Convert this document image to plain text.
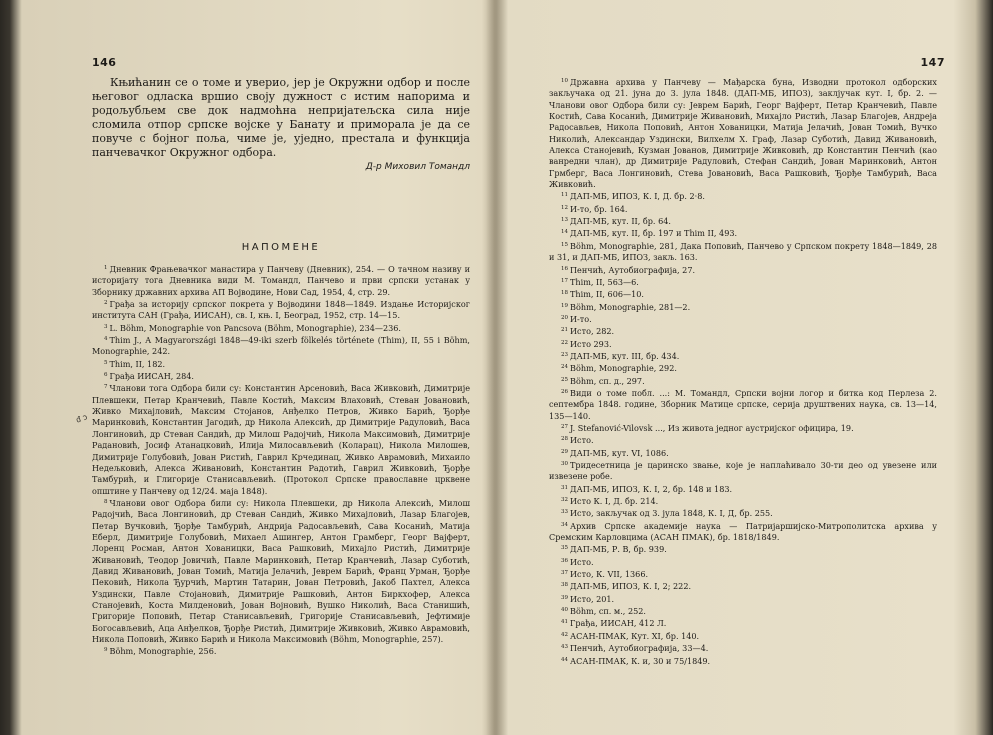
146

Књићанин се о томе и уверио, јер је Окружни одбор и после његовог одласка вршио своју дужност с истим напорима и родољубљем све док надмоћна непријатељска сила није сломила отпор српске војске у Банату и приморала је да се повуче с бојног поља, чиме је, уједно, престала и функција панчевачког Окружног одбора.

Д-р Миховил Томандл

НАПОМЕНЕ

$^1$ Дневник Фрањевачког манастира у Панчеву (Дневник), 254. — О тачном називу и историјату тога Дневника види М. Томандл, Панчево и први српски устанак у Зборнику државних архива АП Војводине, Нови Сад, 1954, 4, стр. 29.

$^2$ Грађа за историју српског покрета у Војводини 1848—1849. Издање Историјског института САН (Грађа, ИИСАН), св. I, књ. I, Београд, 1952, стр. 14—15.

$^3$ L. Böhm, Monographie von Pancsova (Böhm, Monographie), 234—236.

$^4$ Thim J., A Magyarországi 1848—49-iki szerb fölkelés története (Thim), II, 55 i Böhm, Monographie, 242.

$^5$ Thim, II, 182.

$^6$ Грађа ИИСАН, 284.

$^7$ Чланови тога Одбора били су: Константин Арсеновић, Васа Живковић, Димитрије Плевшеки, Петар Кранчевић, Павле Костић, Максим Влаховић, Стеван Јовановић, Живко Михајловић, Максим Стојанов, Анђелко Петров, Живко Барић, Ђорђе Маринковић, Константин Јагодић, др Никола Алексић, др Димитрије Радуловић, Васа Лонгиновић, др Стеван Сандић, др Милош Радојчић, Никола Максимовић, Димитрије Радановић, Јосиф Атанацковић, Илија Милосављевић (Коларац), Никола Милошев, Димитрије Голубовић, Јован Ристић, Гаврил Крчединац, Живко Аврамовић, Михаило Недељковић, Алекса Живановић, Константин Радотић, Гаврил Живковић, Ђорђе Тамбурић, и Глигорије Станисављевић. (Протокол Српске православне црквене општине у Панчеву од 12/24. маја 1848).

$^8$ Чланови овог Одбора били су: Никола Плевшеки, др Никола Алексић, Милош Радојчић, Васа Лонгиновић, др Стеван Сандић, Живко Михајловић, Лазар Благојев, Петар Вучковић, Ђорђе Тамбурић, Андрија Радосављевић, Сава Косанић, Матија Еберл, Димитрије Голубовић, Михаел Ашингер, Антон Грамберг, Георг Вајферт, Лоренц Росман, Антон Хованицки, Васа Рашковић, Михајло Ристић, Димитрије Живановић, Теодор Јовичић, Павле Маринковић, Петар Кранчевић, Лазар Суботић, Давид Живановић, Јован Томић, Матија Јелачић, Јеврем Барић, Франц Урман, Ђорђе Пековић, Никола Ђурчић, Мартин Татарин, Јован Петровић, Јакоб Пахтел, Алекса Уздински, Павле Стојановић, Димитрије Рашковић, Антон Биркхофер, Алекса Станојевић, Коста Милденовић, Јован Војновић, Вушко Николић, Васа Станишић, Григорије Поповић, Петар Станисављевић, Григорије Станисављевић, Јефтимије Богосављевић, Аца Анђелков, Ђорђе Ристић, Димитрије Живковић, Живко Аврамовић, Никола Поповић, Живко Барић и Никола Максимовић (Böhm, Monographie, 257).

$^9$ Böhm, Monographie, 256.

ᵭ ↄ
147

$^{10}$ Државна архива у Панчеву — Мађарска буна, Изводни протокол одборских закључака од 21. јуна до 3. јула 1848. (ДАП-МБ, ИПОЗ), заклјучак кут. I, бр. 2. — Чланови овог Одбора били су: Јеврем Барић, Георг Вајферт, Петар Кранчевић, Павле Костић, Сава Косанић, Димитрије Живановић, Михајло Ристић, Лазар Благојев, Андреја Радосављев, Никола Поповић, Антон Хованицки, Матија Јелачић, Јован Томић, Вучко Николић, Александар Уздински, Вилхелм Х. Граф, Лазар Суботић, Давид Живановић, Алекса Станојевић, Кузман Јованов, Димитрије Живковић, др Константин Пенчић (као ванредни члан), др Димитрије Радуловић, Стефан Сандић, Јован Маринковић, Антон Грмберг, Васа Лонгиновић, Стева Јовановић, Васа Рашковић, Ђорђе Тамбурић, Васа Живковић.

$^{11}$ ДАП-МБ, ИПОЗ, К. I, Д. бр. 2·8.

$^{12}$ И-то, бр. 164.

$^{13}$ ДАП-МБ, кут. II, бр. 64.

$^{14}$ ДАП-МБ, кут. II, бр. 197 и Thim II, 493.

$^{15}$ Böhm, Monographie, 281, Дака Поповић, Панчево у Српском покрету 1848—1849, 28 и 31, и ДАП-МБ, ИПОЗ, закљ. 163.

$^{16}$ Пенчић, Аутобиографија, 27.

$^{17}$ Thim, II, 563—6.

$^{18}$ Thim, II, 606—10.

$^{19}$ Böhm, Monographie, 281—2.

$^{20}$ И-то.

$^{21}$ Исто, 282.

$^{22}$ Исто 293.

$^{23}$ ДАП-МБ, кут. III, бр. 434.

$^{24}$ Böhm, Monographie, 292.

$^{25}$ Böhm, сп. д., 297.

$^{26}$ Види о томе побл. ...: М. Томандл, Српски војни логор и битка код Перлеза 2. септембра 1848. године, Зборник Матице српске, серија друштвених наука, св. 13—14, 135—140.

$^{27}$ J. Stefanović-Vilovsk ..., Из живота једног аустријског официра, 19.

$^{28}$ Исто.

$^{29}$ ДАП-МБ, кут. VI, 1086.

$^{30}$ Тридесетница је царинско звање, које је наплаћивало 30-ти део од увезене или извезене робе.

$^{31}$ ДАП-МБ, ИПОЗ, К. I, 2, бр. 148 и 183.

$^{32}$ Исто К. I, Д. бр. 214.

$^{33}$ Исто, закључак од 3. јула 1848, К. I, Д, бр. 255.

$^{34}$ Архив Српске академије наука — Патријаршијско-Митрополитска архива у Сремским Карловцима (АСАН ПМАК), бр. 1818/1849.

$^{35}$ ДАП-МБ, Р. В, бр. 939.

$^{36}$ Исто.

$^{37}$ Исто, К. VII, 1366.

$^{38}$ ДАП-МБ, ИПОЗ, К. I, 2; 222.

$^{39}$ Исто, 201.

$^{40}$ Böhm, сп. м., 252.

$^{41}$ Грађа, ИИСАН, 412 Л.

$^{42}$ АСАН-ПМАК, Кут. XI, бр. 140.

$^{43}$ Пенчић, Аутобиографија, 33—4.

$^{44}$ АСАН-ПМАК, К. и, 30 и 75/1849.
